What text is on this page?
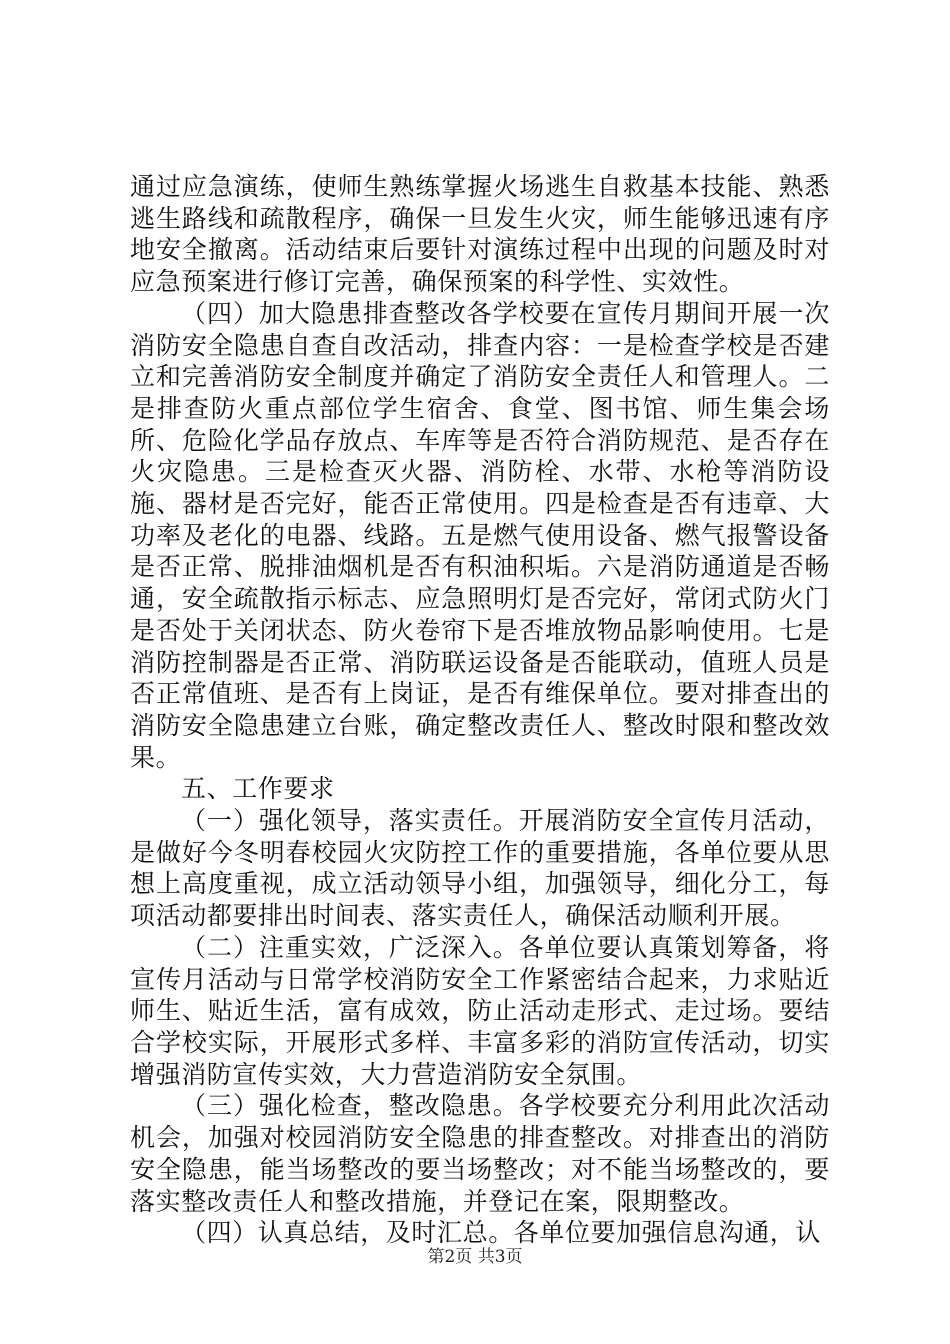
通过应急演练，使师生熟练掌握火场逃生自救基本技能、熟悉逃生路线和疏散程序，确保一旦发生火灾，师生能够迅速有序地安全撤离。活动结束后要针对演练过程中出现的问题及时对应急预案进行修订完善，确保预案的科学性、实效性。

（四）加大隐患排查整改各学校要在宣传月期间开展一次消防安全隐患自查自改活动，排查内容：一是检查学校是否建立和完善消防安全制度并确定了消防安全责任人和管理人。二是排查防火重点部位学生宿舍、食堂、图书馆、师生集会场所、危险化学品存放点、车库等是否符合消防规范、是否存在火灾隐患。三是检查灭火器、消防栓、水带、水枪等消防设施、器材是否完好，能否正常使用。四是检查是否有违章、大功率及老化的电器、线路。五是燃气使用设备、燃气报警设备是否正常、脱排油烟机是否有积油积垢。六是消防通道是否畅通，安全疏散指示标志、应急照明灯是否完好，常闭式防火门是否处于关闭状态、防火卷帘下是否堆放物品影响使用。七是消防控制器是否正常、消防联运设备是否能联动，值班人员是否正常值班、是否有上岗证，是否有维保单位。要对排查出的消防安全隐患建立台账，确定整改责任人、整改时限和整改效果。

五、工作要求

（一）强化领导，落实责任。开展消防安全宣传月活动，是做好今冬明春校园火灾防控工作的重要措施，各单位要从思想上高度重视，成立活动领导小组，加强领导，细化分工，每项活动都要排出时间表、落实责任人，确保活动顺利开展。

（二）注重实效，广泛深入。各单位要认真策划筹备，将宣传月活动与日常学校消防安全工作紧密结合起来，力求贴近师生、贴近生活，富有成效，防止活动走形式、走过场。要结合学校实际，开展形式多样、丰富多彩的消防宣传活动，切实增强消防宣传实效，大力营造消防安全氛围。

（三）强化检查，整改隐患。各学校要充分利用此次活动机会，加强对校园消防安全隐患的排查整改。对排查出的消防安全隐患，能当场整改的要当场整改；对不能当场整改的，要落实整改责任人和整改措施，并登记在案，限期整改。

（四）认真总结，及时汇总。各单位要加强信息沟通，认

第2页 共3页
